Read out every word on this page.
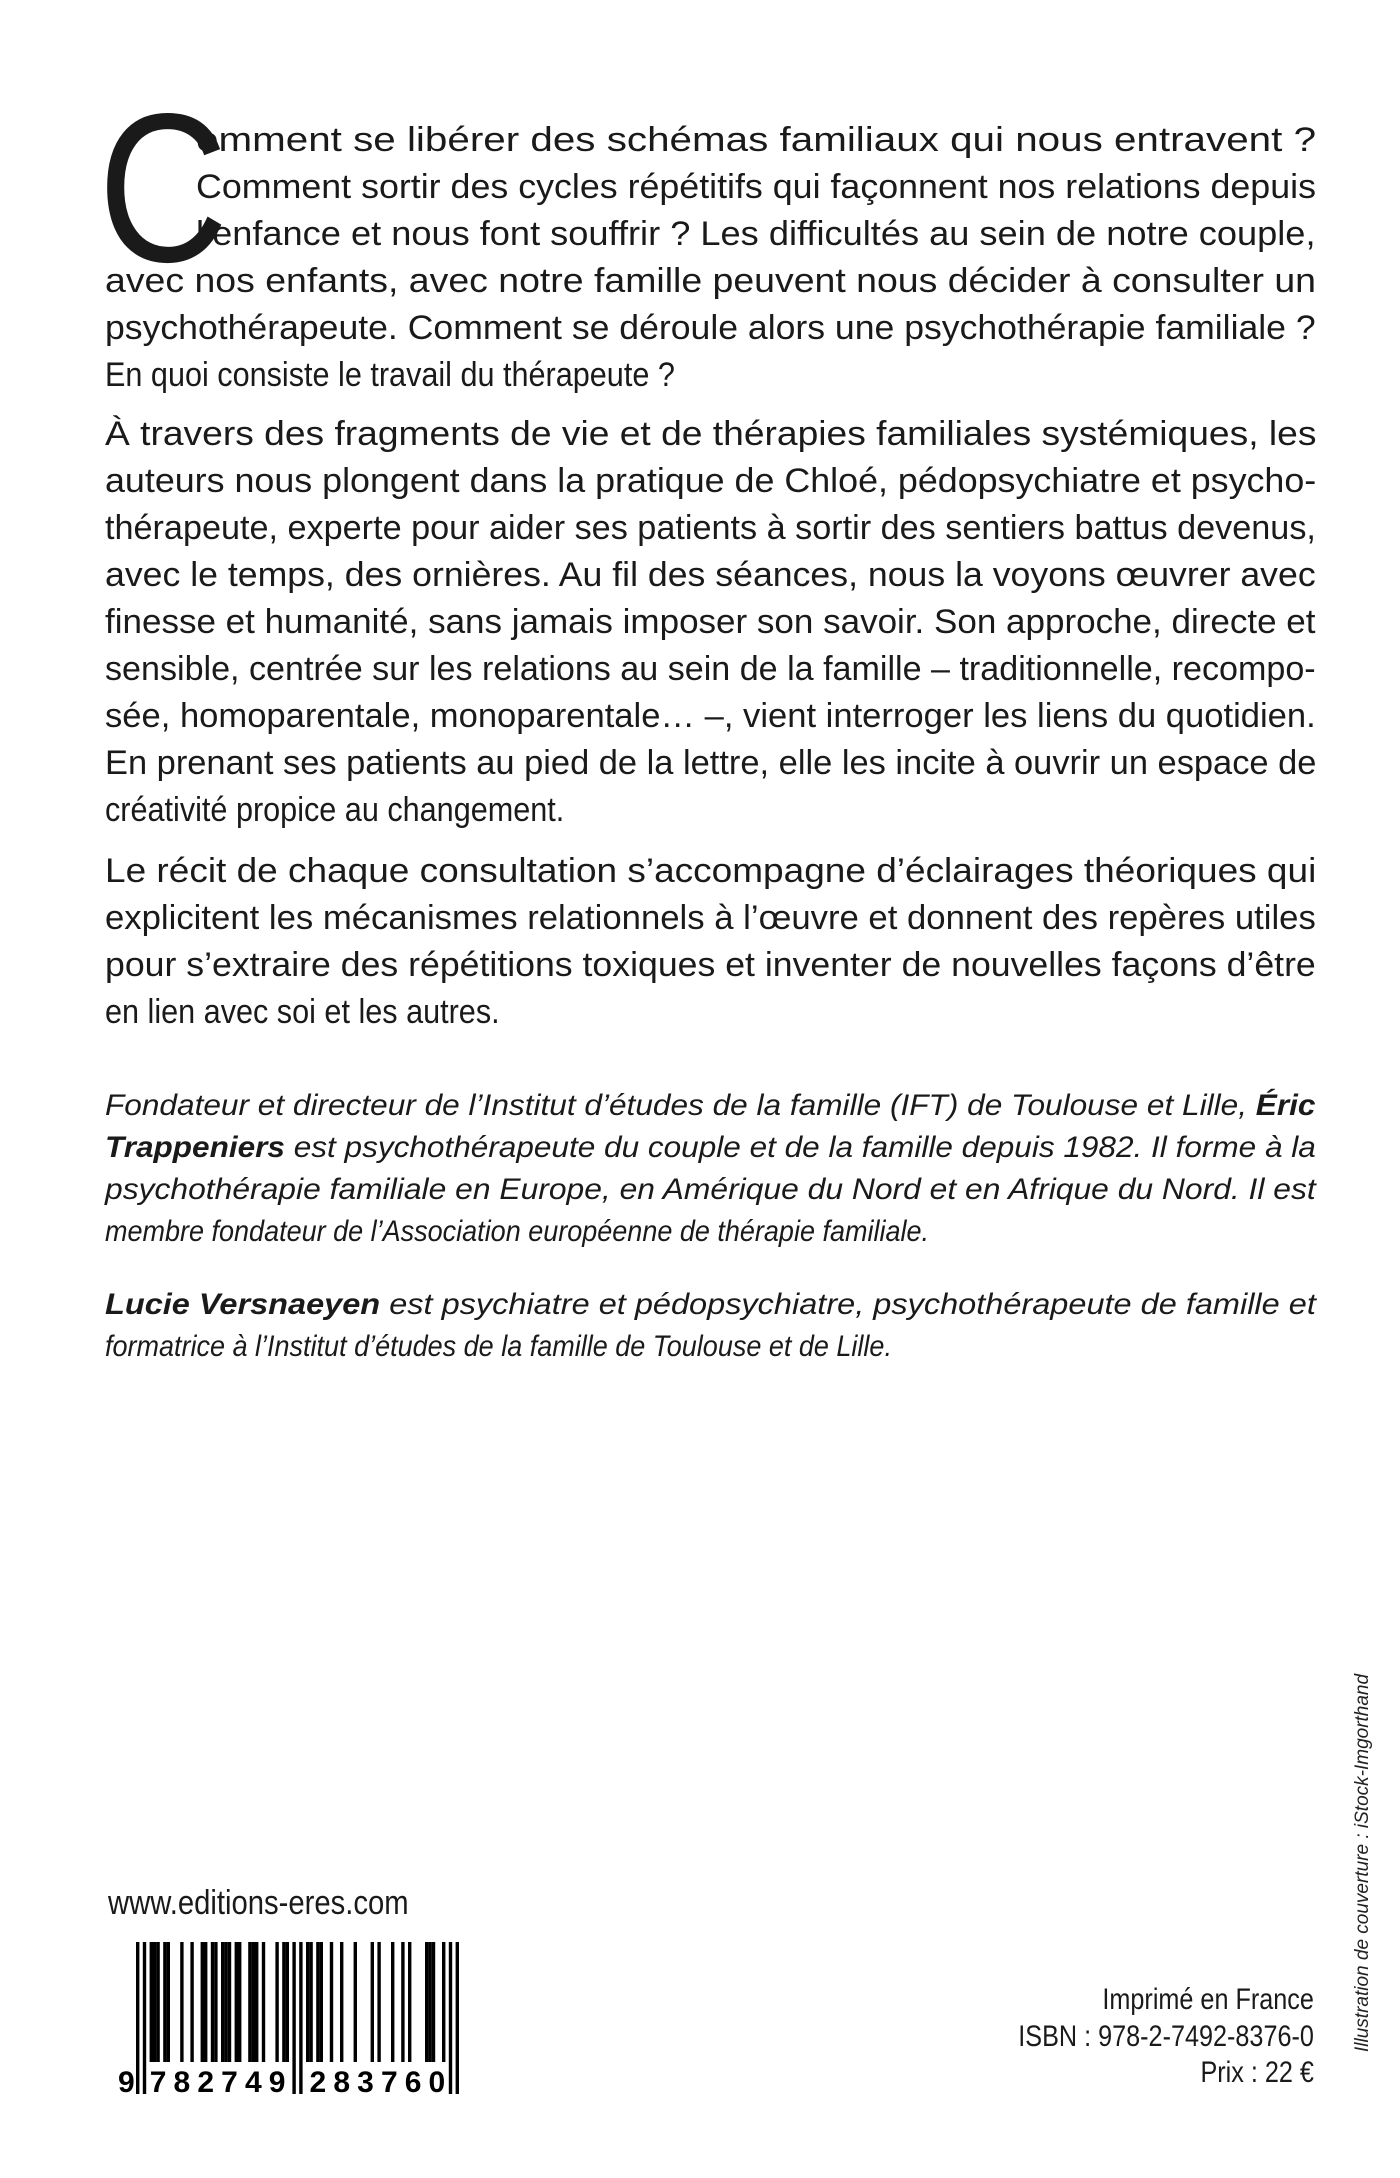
C
omment se libérer des schémas familiaux qui nous entravent ?
Comment sortir des cycles répétitifs qui façonnent nos relations depuis
l’enfance et nous font souffrir ? Les difficultés au sein de notre couple,
avec nos enfants, avec notre famille peuvent nous décider à consulter un
psychothérapeute. Comment se déroule alors une psychothérapie familiale ?
En quoi consiste le travail du thérapeute ?
À travers des fragments de vie et de thérapies familiales systémiques, les
auteurs nous plongent dans la pratique de Chloé, pédopsychiatre et psycho-
thérapeute, experte pour aider ses patients à sortir des sentiers battus devenus,
avec le temps, des ornières. Au fil des séances, nous la voyons œuvrer avec
finesse et humanité, sans jamais imposer son savoir. Son approche, directe et
sensible, centrée sur les relations au sein de la famille – traditionnelle, recompo-
sée, homoparentale, monoparentale… –, vient interroger les liens du quotidien.
En prenant ses patients au pied de la lettre, elle les incite à ouvrir un espace de
créativité propice au changement.
Le récit de chaque consultation s’accompagne d’éclairages théoriques qui
explicitent les mécanismes relationnels à l’œuvre et donnent des repères utiles
pour s’extraire des répétitions toxiques et inventer de nouvelles façons d’être
en lien avec soi et les autres.
Fondateur et directeur de l’Institut d’études de la famille (IFT) de Toulouse et Lille, Éric
Trappeniers est psychothérapeute du couple et de la famille depuis 1982. Il forme à la
psychothérapie familiale en Europe, en Amérique du Nord et en Afrique du Nord. Il est
membre fondateur de l’Association européenne de thérapie familiale.
Lucie Versnaeyen est psychiatre et pédopsychiatre, psychothérapeute de famille et
formatrice à l’Institut d’études de la famille de Toulouse et de Lille.
www.editions-eres.com
9 7 8 2 7 4 9 2 8 3 7 6 0
Imprimé en France
ISBN : 978-2-7492-8376-0
Prix : 22 €
Illustration de couverture : iStock-Imgorthand
